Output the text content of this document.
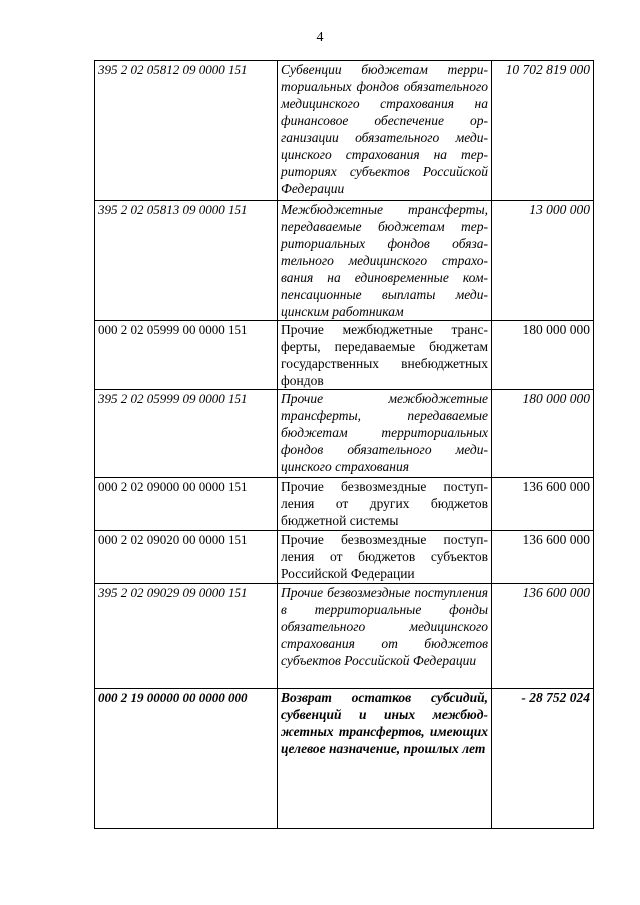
4
395 2 02 05812 09 0000 151	Субвенции бюджетам территориальных фондов обязательного медицинского страхования на финансовое обеспечение организации обязательного медицинского страхования на территориях субъектов Российской Федерации	10 702 819 000
395 2 02 05813 09 0000 151	Межбюджетные трансферты, передаваемые бюджетам территориальных фондов обязательного медицинского страхования на единовременные компенсационные выплаты медицинским работникам	13 000 000
000 2 02 05999 00 0000 151	Прочие межбюджетные трансферты, передаваемые бюджетам государственных внебюджетных фондов	180 000 000
395 2 02 05999 09 0000 151	Прочие межбюджетные трансферты, передаваемые бюджетам территориальных фондов обязательного медицинского страхования	180 000 000
000 2 02 09000 00 0000 151	Прочие безвозмездные поступления от других бюджетов бюджетной системы	136 600 000
000 2 02 09020 00 0000 151	Прочие безвозмездные поступления от бюджетов субъектов Российской Федерации	136 600 000
395 2 02 09029 09 0000 151	Прочие безвозмездные поступления в территориальные фонды обязательного медицинского страхования от бюджетов субъектов Российской Федерации	136 600 000
000 2 19 00000 00 0000 000	Возврат остатков субсидий, субвенций и иных межбюджетных трансфертов, имеющих целевое назначение, прошлых лет	- 28 752 024
